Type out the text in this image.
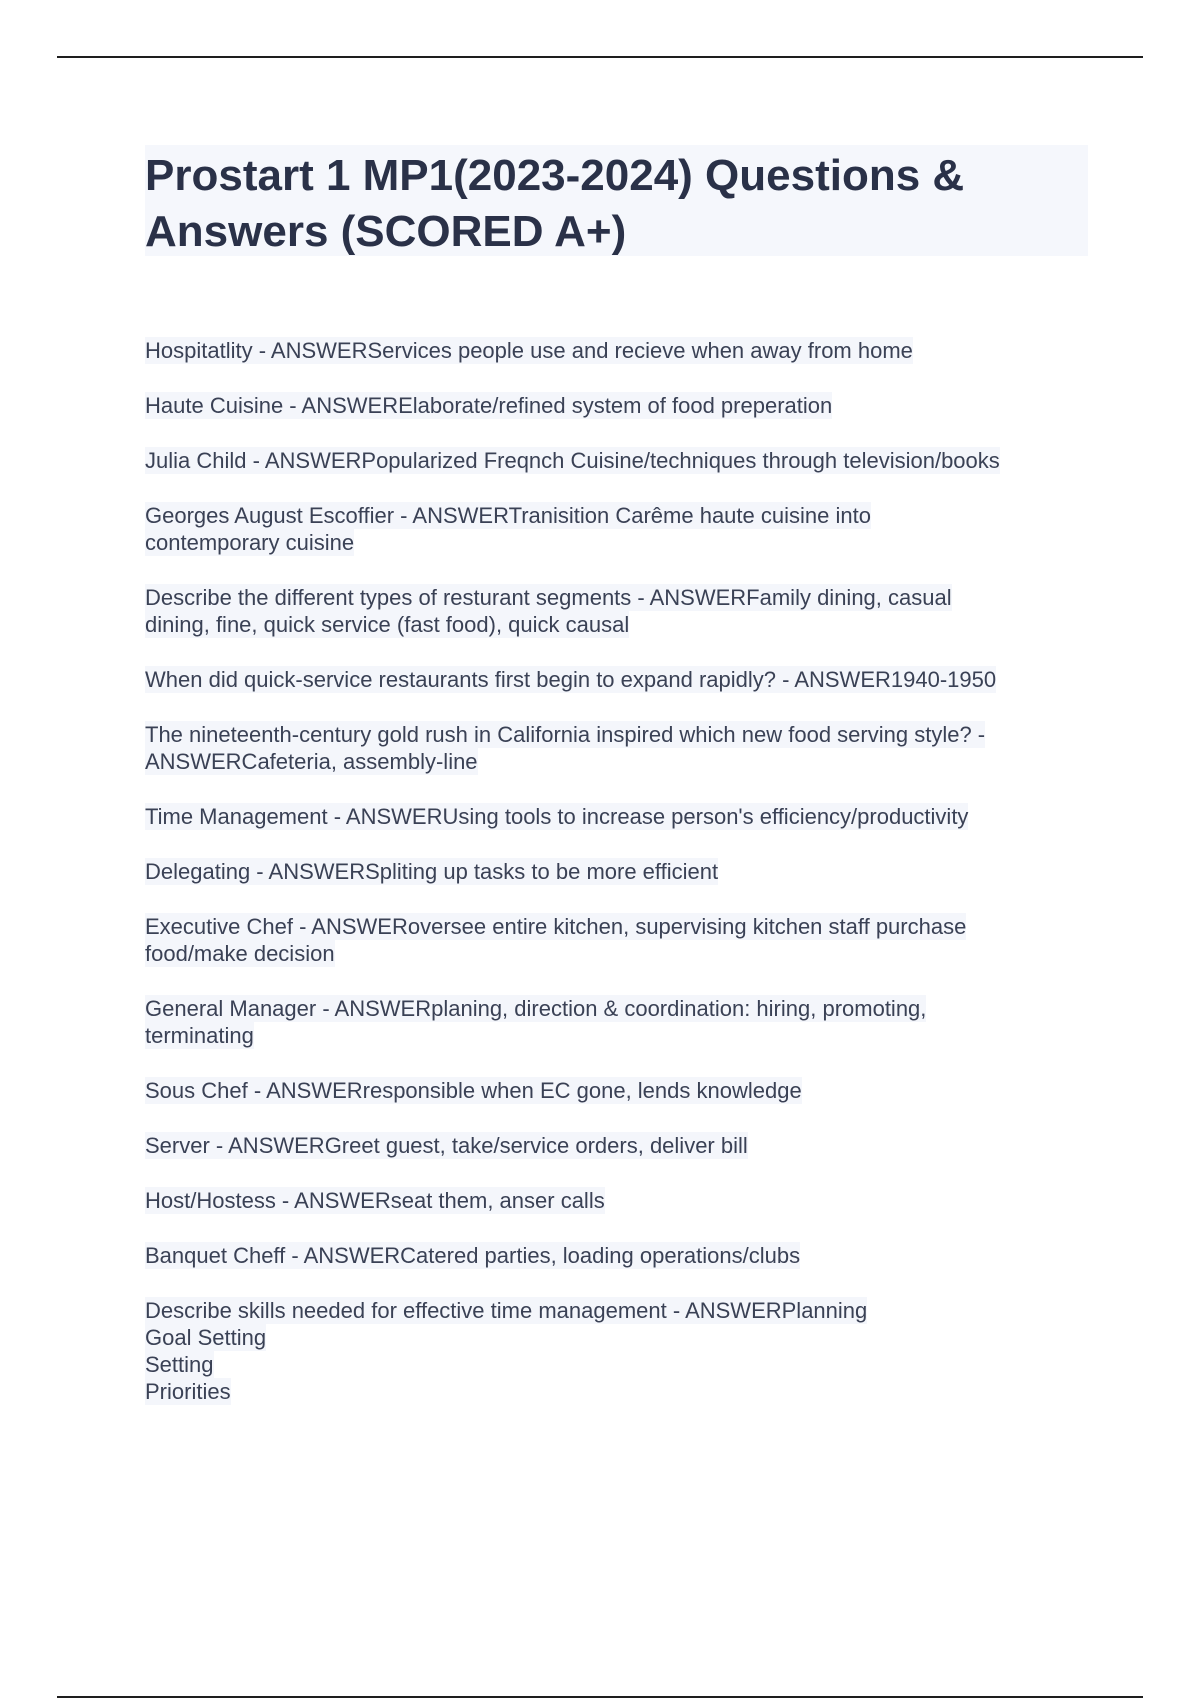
Prostart 1 MP1(2023-2024) Questions &
Answers (SCORED A+)
Hospitatlity - ANSWERServices people use and recieve when away from home
Haute Cuisine - ANSWERElaborate/refined system of food preperation
Julia Child - ANSWERPopularized Freqnch Cuisine/techniques through television/books
Georges August Escoffier - ANSWERTranisition Carême haute cuisine into
contemporary cuisine
Describe the different types of resturant segments - ANSWERFamily dining, casual
dining, fine, quick service (fast food), quick causal
When did quick-service restaurants first begin to expand rapidly? - ANSWER1940-1950
The nineteenth-century gold rush in California inspired which new food serving style? -
ANSWERCafeteria, assembly-line
Time Management - ANSWERUsing tools to increase person's efficiency/productivity
Delegating - ANSWERSpliting up tasks to be more efficient
Executive Chef - ANSWERoversee entire kitchen, supervising kitchen staff purchase
food/make decision
General Manager - ANSWERplaning, direction & coordination: hiring, promoting,
terminating
Sous Chef - ANSWERresponsible when EC gone, lends knowledge
Server - ANSWERGreet guest, take/service orders, deliver bill
Host/Hostess - ANSWERseat them, anser calls
Banquet Cheff - ANSWERCatered parties, loading operations/clubs
Describe skills needed for effective time management - ANSWERPlanning
Goal Setting
Setting
Priorities
